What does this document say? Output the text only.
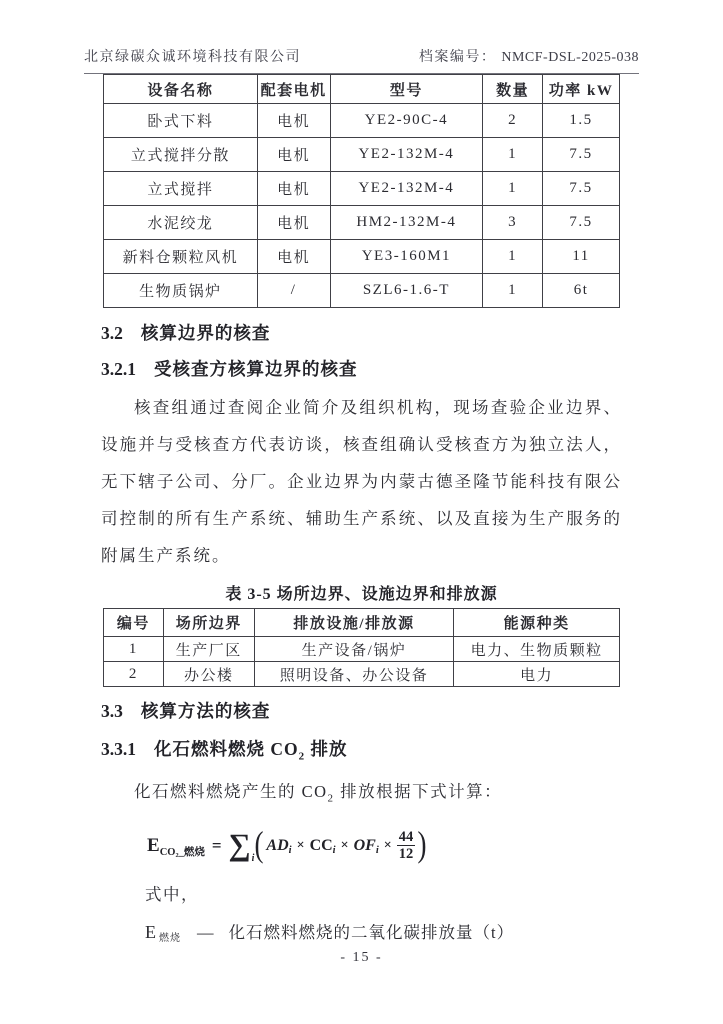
北京绿碳众诚环境科技有限公司	档案编号： NMCF-DSL-2025-038
设备名称	配套电机	型号	数量	功率 kW
卧式下料	电机	YE2-90C-4	2	1.5
立式搅拌分散	电机	YE2-132M-4	1	7.5
立式搅拌	电机	YE2-132M-4	1	7.5
水泥绞龙	电机	HM2-132M-4	3	7.5
新料仓颗粒风机	电机	YE3-160M1	1	11
生物质锅炉	/	SZL6-1.6-T	1	6t
3.2 核算边界的核查
3.2.1 受核查方核算边界的核查

核查组通过查阅企业简介及组织机构，现场查验企业边界、设施并与受核查方代表访谈，核查组确认受核查方为独立法人，无下辖子公司、分厂。企业边界为内蒙古德圣隆节能科技有限公司控制的所有生产系统、辅助生产系统、以及直接为生产服务的附属生产系统。

表 3-5 场所边界、设施边界和排放源
编号	场所边界	排放设施/排放源	能源种类
1	生产厂区	生产设备/锅炉	电力、生物质颗粒
2	办公楼	照明设备、办公设备	电力
3.3 核算方法的核查
3.3.1 化石燃料燃烧 $CO_2$ 排放

化石燃料燃烧产生的 $CO_2$ 排放根据下式计算：

E CO₂_燃烧 = ∑ i ( AD i × CC i × OF $i \times \frac{44}{12}$ )
式中，
E 燃烧 — 化石燃料燃烧的二氧化碳排放量（t）
- 15 -
